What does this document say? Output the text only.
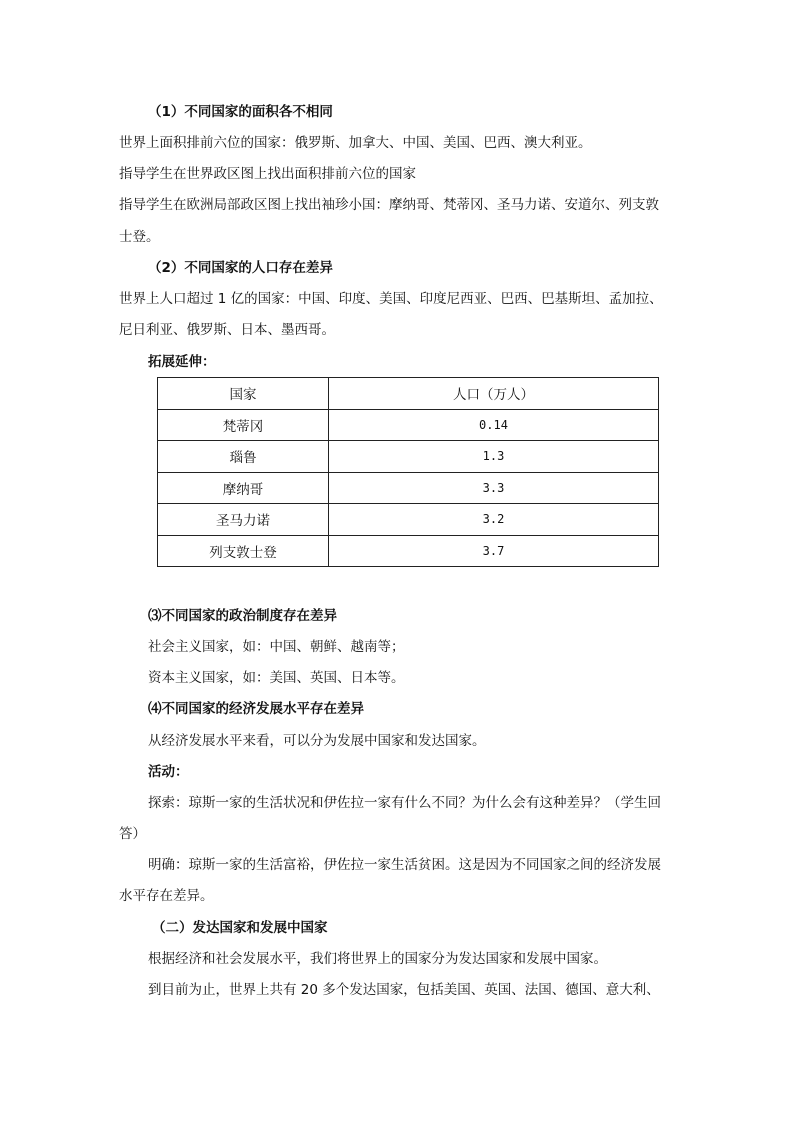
（1）不同国家的面积各不相同
世界上面积排前六位的国家：俄罗斯、加拿大、中国、美国、巴西、澳大利亚。
指导学生在世界政区图上找出面积排前六位的国家
指导学生在欧洲局部政区图上找出袖珍小国：摩纳哥、梵蒂冈、圣马力诺、安道尔、列支敦
士登。
（2）不同国家的人口存在差异
世界上人口超过 1 亿的国家：中国、印度、美国、印度尼西亚、巴西、巴基斯坦、孟加拉、
尼日利亚、俄罗斯、日本、墨西哥。
拓展延伸：
国家	人口（万人）
梵蒂冈	0.14
瑙鲁	1.3
摩纳哥	3.3
圣马力诺	3.2
列支敦士登	3.7
⑶不同国家的政治制度存在差异
社会主义国家，如：中国、朝鲜、越南等；
资本主义国家，如：美国、英国、日本等。
⑷不同国家的经济发展水平存在差异
从经济发展水平来看，可以分为发展中国家和发达国家。
活动：
探索：琼斯一家的生活状况和伊佐拉一家有什么不同？为什么会有这种差异？（学生回
答）
明确：琼斯一家的生活富裕，伊佐拉一家生活贫困。这是因为不同国家之间的经济发展
水平存在差异。
（二）发达国家和发展中国家
根据经济和社会发展水平，我们将世界上的国家分为发达国家和发展中国家。
到目前为止，世界上共有 20 多个发达国家，包括美国、英国、法国、德国、意大利、
